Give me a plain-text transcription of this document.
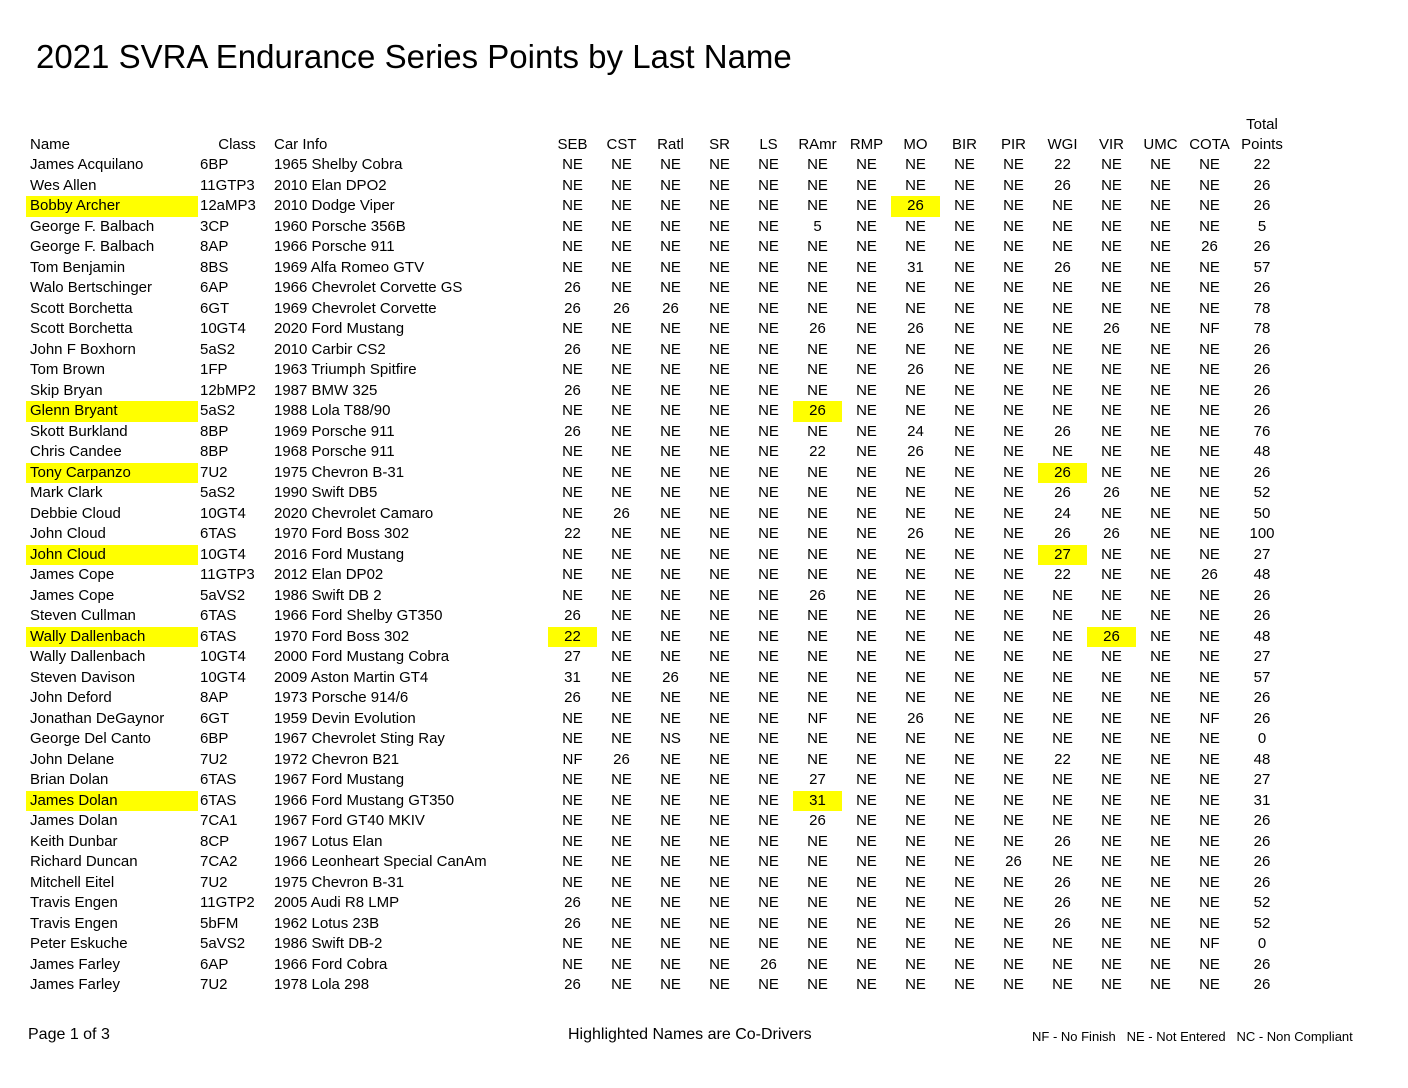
2021 SVRA Endurance Series Points by Last Name
Name	Class	Car Info	SEB	CST	Ratl	SR	LS	RAmr	RMP	MO	BIR	PIR	WGI	VIR	UMC	COTA	Total
Points

James Acquilano	6BP	1965 Shelby Cobra	NE	NE	NE	NE	NE	NE	NE	NE	NE	NE	22	NE	NE	NE	22
Wes Allen	11GTP3	2010 Elan DPO2	NE	NE	NE	NE	NE	NE	NE	NE	NE	NE	26	NE	NE	NE	26
Bobby Archer	12aMP3	2010 Dodge Viper	NE	NE	NE	NE	NE	NE	NE	26	NE	NE	NE	NE	NE	NE	26
George F. Balbach	3CP	1960 Porsche 356B	NE	NE	NE	NE	NE	5	NE	NE	NE	NE	NE	NE	NE	NE	5
George F. Balbach	8AP	1966 Porsche 911	NE	NE	NE	NE	NE	NE	NE	NE	NE	NE	NE	NE	NE	26	26
Tom Benjamin	8BS	1969 Alfa Romeo GTV	NE	NE	NE	NE	NE	NE	NE	31	NE	NE	26	NE	NE	NE	57
Walo Bertschinger	6AP	1966 Chevrolet Corvette GS	26	NE	NE	NE	NE	NE	NE	NE	NE	NE	NE	NE	NE	NE	26
Scott Borchetta	6GT	1969 Chevrolet Corvette	26	26	26	NE	NE	NE	NE	NE	NE	NE	NE	NE	NE	NE	78
Scott Borchetta	10GT4	2020 Ford Mustang	NE	NE	NE	NE	NE	26	NE	26	NE	NE	NE	26	NE	NF	78
John F Boxhorn	5aS2	2010 Carbir CS2	26	NE	NE	NE	NE	NE	NE	NE	NE	NE	NE	NE	NE	NE	26
Tom Brown	1FP	1963 Triumph Spitfire	NE	NE	NE	NE	NE	NE	NE	26	NE	NE	NE	NE	NE	NE	26
Skip Bryan	12bMP2	1987 BMW 325	26	NE	NE	NE	NE	NE	NE	NE	NE	NE	NE	NE	NE	NE	26
Glenn Bryant	5aS2	1988 Lola T88/90	NE	NE	NE	NE	NE	26	NE	NE	NE	NE	NE	NE	NE	NE	26
Skott Burkland	8BP	1969 Porsche 911	26	NE	NE	NE	NE	NE	NE	24	NE	NE	26	NE	NE	NE	76
Chris Candee	8BP	1968 Porsche 911	NE	NE	NE	NE	NE	22	NE	26	NE	NE	NE	NE	NE	NE	48
Tony Carpanzo	7U2	1975 Chevron B-31	NE	NE	NE	NE	NE	NE	NE	NE	NE	NE	26	NE	NE	NE	26
Mark Clark	5aS2	1990 Swift DB5	NE	NE	NE	NE	NE	NE	NE	NE	NE	NE	26	26	NE	NE	52
Debbie Cloud	10GT4	2020 Chevrolet Camaro	NE	26	NE	NE	NE	NE	NE	NE	NE	NE	24	NE	NE	NE	50
John Cloud	6TAS	1970 Ford Boss 302	22	NE	NE	NE	NE	NE	NE	26	NE	NE	26	26	NE	NE	100
John Cloud	10GT4	2016 Ford Mustang	NE	NE	NE	NE	NE	NE	NE	NE	NE	NE	27	NE	NE	NE	27
James Cope	11GTP3	2012 Elan DP02	NE	NE	NE	NE	NE	NE	NE	NE	NE	NE	22	NE	NE	26	48
James Cope	5aVS2	1986 Swift DB 2	NE	NE	NE	NE	NE	26	NE	NE	NE	NE	NE	NE	NE	NE	26
Steven Cullman	6TAS	1966 Ford Shelby GT350	26	NE	NE	NE	NE	NE	NE	NE	NE	NE	NE	NE	NE	NE	26
Wally Dallenbach	6TAS	1970 Ford Boss 302	22	NE	NE	NE	NE	NE	NE	NE	NE	NE	NE	26	NE	NE	48
Wally Dallenbach	10GT4	2000 Ford Mustang Cobra	27	NE	NE	NE	NE	NE	NE	NE	NE	NE	NE	NE	NE	NE	27
Steven Davison	10GT4	2009 Aston Martin GT4	31	NE	26	NE	NE	NE	NE	NE	NE	NE	NE	NE	NE	NE	57
John Deford	8AP	1973 Porsche 914/6	26	NE	NE	NE	NE	NE	NE	NE	NE	NE	NE	NE	NE	NE	26
Jonathan DeGaynor	6GT	1959 Devin Evolution	NE	NE	NE	NE	NE	NF	NE	26	NE	NE	NE	NE	NE	NF	26
George Del Canto	6BP	1967 Chevrolet Sting Ray	NE	NE	NS	NE	NE	NE	NE	NE	NE	NE	NE	NE	NE	NE	0
John Delane	7U2	1972 Chevron B21	NF	26	NE	NE	NE	NE	NE	NE	NE	NE	22	NE	NE	NE	48
Brian Dolan	6TAS	1967 Ford Mustang	NE	NE	NE	NE	NE	27	NE	NE	NE	NE	NE	NE	NE	NE	27
James Dolan	6TAS	1966 Ford Mustang GT350	NE	NE	NE	NE	NE	31	NE	NE	NE	NE	NE	NE	NE	NE	31
James Dolan	7CA1	1967 Ford GT40 MKIV	NE	NE	NE	NE	NE	26	NE	NE	NE	NE	NE	NE	NE	NE	26
Keith Dunbar	8CP	1967 Lotus Elan	NE	NE	NE	NE	NE	NE	NE	NE	NE	NE	26	NE	NE	NE	26
Richard Duncan	7CA2	1966 Leonheart Special CanAm	NE	NE	NE	NE	NE	NE	NE	NE	NE	26	NE	NE	NE	NE	26
Mitchell Eitel	7U2	1975 Chevron B-31	NE	NE	NE	NE	NE	NE	NE	NE	NE	NE	26	NE	NE	NE	26
Travis Engen	11GTP2	2005 Audi R8 LMP	26	NE	NE	NE	NE	NE	NE	NE	NE	NE	26	NE	NE	NE	52
Travis Engen	5bFM	1962 Lotus 23B	26	NE	NE	NE	NE	NE	NE	NE	NE	NE	26	NE	NE	NE	52
Peter Eskuche	5aVS2	1986 Swift DB-2	NE	NE	NE	NE	NE	NE	NE	NE	NE	NE	NE	NE	NE	NF	0
James Farley	6AP	1966 Ford Cobra	NE	NE	NE	NE	26	NE	NE	NE	NE	NE	NE	NE	NE	NE	26
James Farley	7U2	1978 Lola 298	26	NE	NE	NE	NE	NE	NE	NE	NE	NE	NE	NE	NE	NE	26
Page 1 of 3	Highlighted Names are Co-Drivers	NF - No Finish   NE - Not Entered   NC - Non Compliant
